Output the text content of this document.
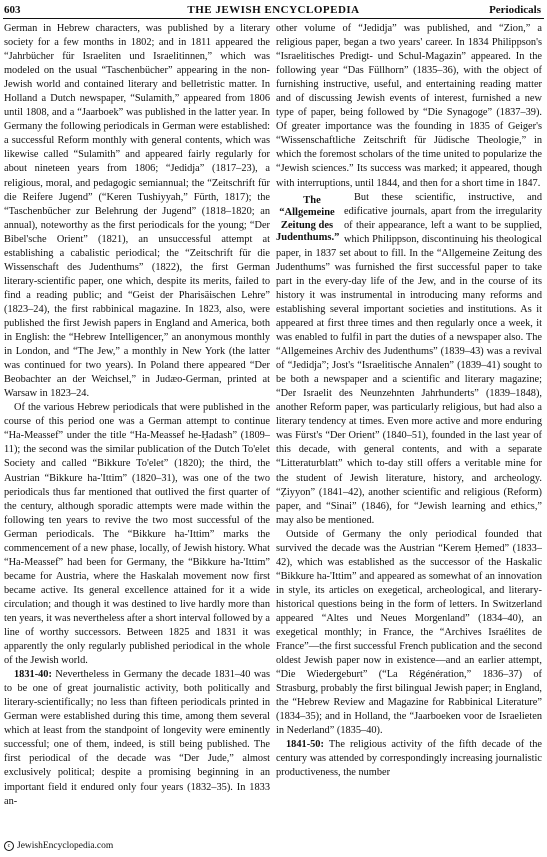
603	THE JEWISH ENCYCLOPEDIA	Periodicals

German in Hebrew characters, was published by a literary society for a few months in 1802; and in 1811 appeared the “Jahrbücher für Israeliten und Israelitinnen,” which was modeled on the usual “Taschenbücher” appearing in the non-Jewish world and contained literary and belletristic matter. In Holland a Dutch newspaper, “Sulamith,” appeared from 1806 until 1808, and a “Jaarboek” was published in the latter year. In Germany the following periodicals in German were established: a successful Reform monthly with general contents, which was likewise called “Sulamith” and appeared fairly regularly for about nineteen years from 1806; “Jedidja” (1817–23), a religious, moral, and pedagogic semiannual; the “Zeitschrift für die Reifere Jugend” (“Keren Tushiyyah,” Fürth, 1817); the “Taschenbücher zur Belehrung der Jugend” (1818–1820; an annual), noteworthy as the first periodicals for the young; “Der Bibel'sche Orient” (1821), an unsuccessful attempt at establishing a cabalistic periodical; the “Zeitschrift für die Wissenschaft des Judenthums” (1822), the first German literary-scientific paper, one which, despite its merits, failed to find a reading public; and “Geist der Pharisäischen Lehre” (1823–24), the first rabbinical magazine. In 1823, also, were published the first Jewish papers in England and America, both in English: the “Hebrew Intelligencer,” an anonymous monthly in London, and “The Jew,” a monthly in New York (the latter was continued for two years). In Poland there appeared “Der Beobachter an der Weichsel,” in Judæo-German, printed at Warsaw in 1823–24.

Of the various Hebrew periodicals that were published in the course of this period one was a German attempt to continue “Ha-Meassef” under the title “Ha-Meassef he-Ḥadash” (1809–11); the second was the similar publication of the Dutch To'elet Society and called “Bikkure To'elet” (1820); the third, the Austrian “Bikkure ha-'Ittim” (1820–31), was one of the two periodicals thus far mentioned that outlived the first quarter of the century, although sporadic attempts were made within the following ten years to revive the two most successful of the German periodicals. The “Bikkure ha-'Ittim” marks the commencement of a new phase, locally, of Jewish history. What “Ha-Meassef” had been for Germany, the “Bikkure ha-'Ittim” became for Austria, where the Haskalah movement now first became active. Its general excellence attained for it a wide circulation; and though it was destined to live hardly more than ten years, it was nevertheless after a short interval followed by a line of worthy successors. Between 1825 and 1831 it was apparently the only regularly published periodical in the whole of the Jewish world.

1831-40: Nevertheless in Germany the decade 1831–40 was to be one of great journalistic activity, both politically and literary-scientifically; no less than fifteen periodicals printed in German were established during this time, among them several which at least from the standpoint of longevity were eminently successful; one of them, indeed, is still being published. The first periodical of the decade was “Der Jude,” almost exclusively political; despite a promising beginning in an important field it endured only four years (1832–35). In 1833 an-

other volume of “Jedidja” was published, and “Zion,” a religious paper, began a two years' career. In 1834 Philippson's “Israelitisches Predigt- und Schul-Magazin” appeared. In the following year “Das Füllhorn” (1835–36), with the object of furnishing instructive, useful, and entertaining reading matter and of discussing Jewish events of interest, furnished a new type of paper, being followed by “Die Synagoge” (1837–39). Of greater importance was the founding in 1835 of Geiger's “Wissenschaftliche Zeitschrift für Jüdische Theologie,” in which the foremost scholars of the time united to popularize the “Jewish sciences.” Its success was marked; it appeared, though with interruptions, until 1844, and then for a short time in 1847.

The “Allgemeine Zeitung des Judenthums.”
But these scientific, instructive, and edificative journals, apart from the irregularity of their appearance, left a want to be supplied, which Philippson, discontinuing his theological paper, in 1837 set about to fill. In the “Allgemeine Zeitung des Judenthums” was furnished the first successful paper to take part in the every-day life of the Jew, and in the course of its history it was instrumental in introducing many reforms and establishing several important societies and institutions. As it appeared at first three times and then regularly once a week, it was enabled to fulfil in part the duties of a newspaper also. The “Allgemeines Archiv des Judenthums” (1839–43) was a revival of “Jedidja”; Jost's “Israelitische Annalen” (1839–41) sought to be both a newspaper and a scientific and literary magazine; “Der Israelit des Neunzehnten Jahrhunderts” (1839–1848), another Reform paper, was particularly religious, but had also a literary tendency at times. Even more active and more enduring was Fürst's “Der Orient” (1840–51), founded in the last year of this decade, with general contents, and with a separate “Litteraturblatt” which to-day still offers a veritable mine for the student of Jewish literature, history, and archeology. “Ẓiyyon” (1841–42), another scientific and religious (Reform) paper, and “Sinai” (1846), for “Jewish learning and ethics,” may also be mentioned.

Outside of Germany the only periodical founded that survived the decade was the Austrian “Kerem Ḥemed” (1833–42), which was established as the successor of the Haskalic “Bikkure ha-'Ittim” and appeared as somewhat of an innovation in style, its articles on exegetical, archeological, and literary-historical questions being in the form of letters. In Switzerland appeared “Altes und Neues Morgenland” (1834–40), an exegetical monthly; in France, the “Archives Israélites de France”—the first successful French publication and the second oldest Jewish paper now in existence—and an earlier attempt, “Die Wiedergeburt” (“La Régénération,” 1836–37) of Strasburg, probably the first bilingual Jewish paper; in England, the “Hebrew Review and Magazine for Rabbinical Literature” (1834–35); and in Holland, the “Jaarboeken voor de Israelieten in Nederland” (1835–40).

1841-50: The religious activity of the fifth decade of the century was attended by correspondingly increasing journalistic productiveness, the number

c JewishEncyclopedia.com
